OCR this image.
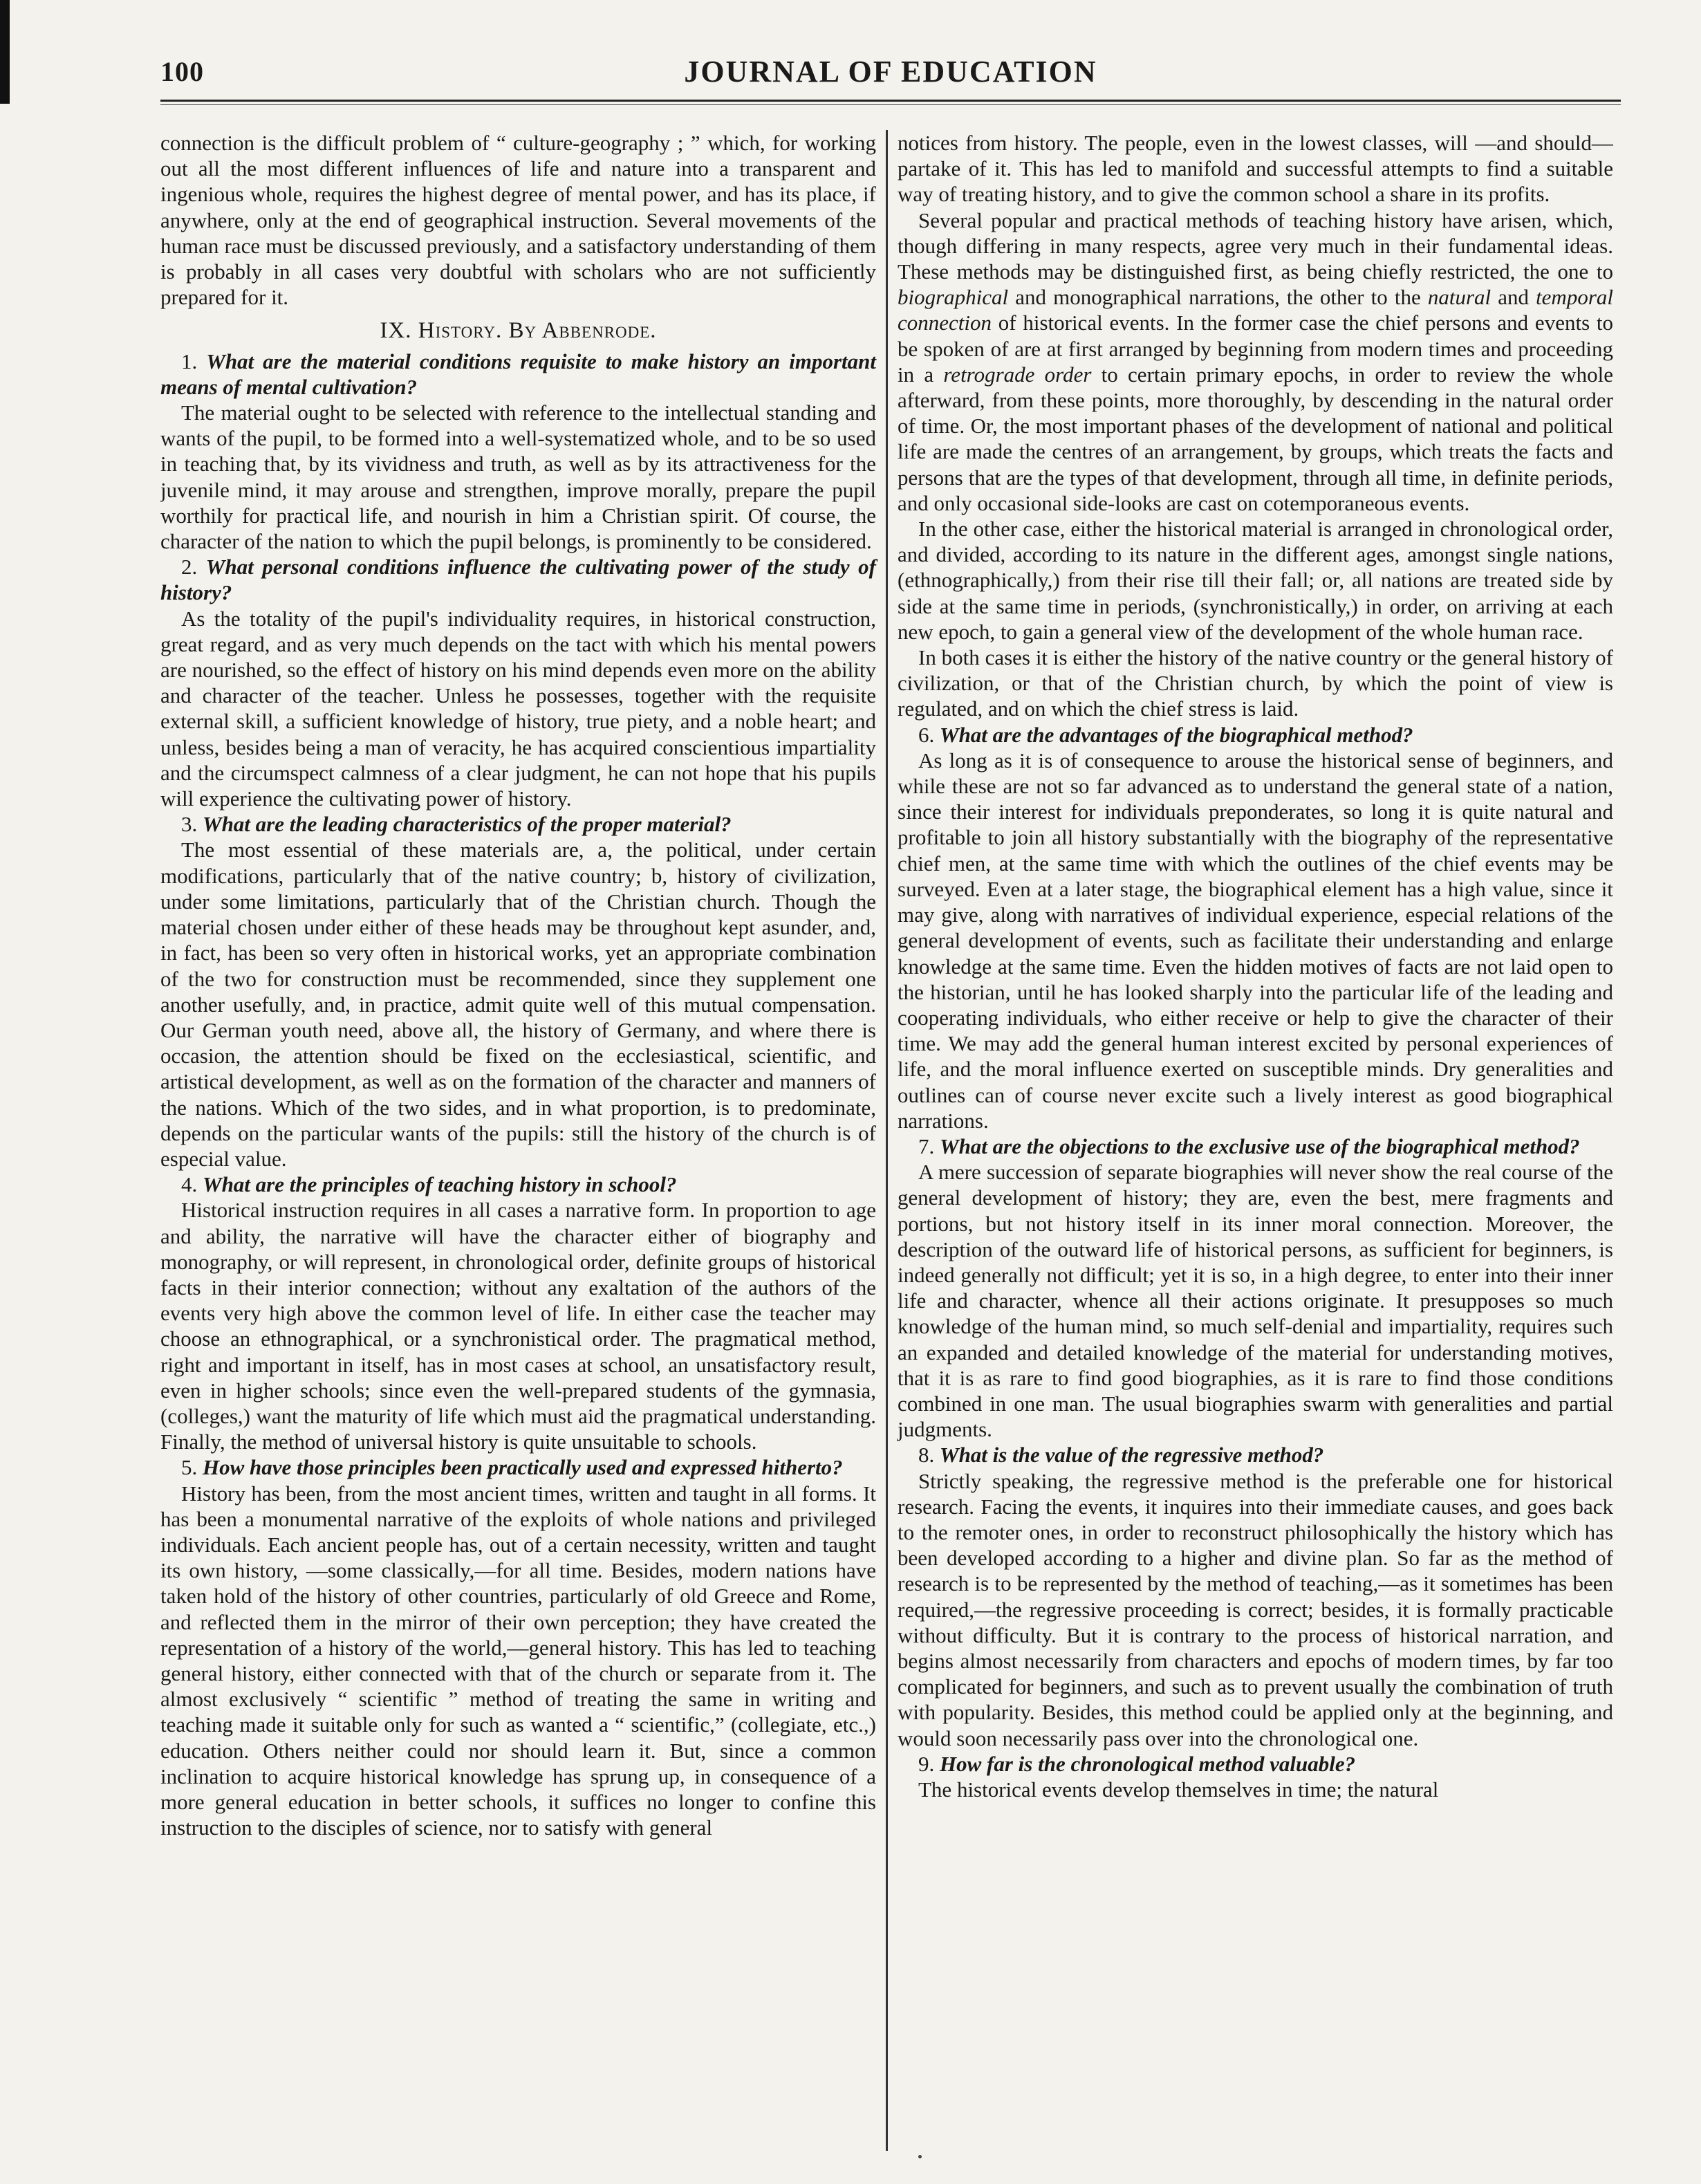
100	JOURNAL OF EDUCATION

connection is the difficult problem of “ culture-geography ; ” which, for working out all the most different influences of life and nature into a transparent and ingenious whole, requires the highest degree of mental power, and has its place, if anywhere, only at the end of geographical instruction. Several movements of the human race must be discussed previously, and a satisfactory understanding of them is probably in all cases very doubtful with scholars who are not sufficiently prepared for it.

IX. History. By Abbenrode.

1. What are the material conditions requisite to make history an important means of mental cultivation?

The material ought to be selected with reference to the intellectual standing and wants of the pupil, to be formed into a well-systematized whole, and to be so used in teaching that, by its vividness and truth, as well as by its attractiveness for the juvenile mind, it may arouse and strengthen, improve morally, prepare the pupil worthily for practical life, and nourish in him a Christian spirit. Of course, the character of the nation to which the pupil belongs, is prominently to be considered.

2. What personal conditions influence the cultivating power of the study of history?

As the totality of the pupil's individuality requires, in historical construction, great regard, and as very much depends on the tact with which his mental powers are nourished, so the effect of history on his mind depends even more on the ability and character of the teacher. Unless he possesses, together with the requisite external skill, a sufficient knowledge of history, true piety, and a noble heart; and unless, besides being a man of veracity, he has acquired conscientious impartiality and the circumspect calmness of a clear judgment, he can not hope that his pupils will experience the cultivating power of history.

3. What are the leading characteristics of the proper material?

The most essential of these materials are, a, the political, under certain modifications, particularly that of the native country; b, history of civilization, under some limitations, particularly that of the Christian church. Though the material chosen under either of these heads may be throughout kept asunder, and, in fact, has been so very often in historical works, yet an appropriate combination of the two for construction must be recommended, since they supplement one another usefully, and, in practice, admit quite well of this mutual compensation. Our German youth need, above all, the history of Germany, and where there is occasion, the attention should be fixed on the ecclesiastical, scientific, and artistical development, as well as on the formation of the character and manners of the nations. Which of the two sides, and in what proportion, is to predominate, depends on the particular wants of the pupils: still the history of the church is of especial value.

4. What are the principles of teaching history in school?

Historical instruction requires in all cases a narrative form. In proportion to age and ability, the narrative will have the character either of biography and monography, or will represent, in chronological order, definite groups of historical facts in their interior connection; without any exaltation of the authors of the events very high above the common level of life. In either case the teacher may choose an ethnographical, or a synchronistical order. The pragmatical method, right and important in itself, has in most cases at school, an unsatisfactory result, even in higher schools; since even the well-prepared students of the gymnasia, (colleges,) want the maturity of life which must aid the pragmatical understanding. Finally, the method of universal history is quite unsuitable to schools.

5. How have those principles been practically used and expressed hitherto?

History has been, from the most ancient times, written and taught in all forms. It has been a monumental narrative of the exploits of whole nations and privileged individuals. Each ancient people has, out of a certain necessity, written and taught its own history, —some classically,—for all time. Besides, modern nations have taken hold of the history of other countries, particularly of old Greece and Rome, and reflected them in the mirror of their own perception; they have created the representation of a history of the world,—general history. This has led to teaching general history, either connected with that of the church or separate from it. The almost exclusively “ scientific ” method of treating the same in writing and teaching made it suitable only for such as wanted a “ scientific,” (collegiate, etc.,) education. Others neither could nor should learn it. But, since a common inclination to acquire historical knowledge has sprung up, in consequence of a more general education in better schools, it suffices no longer to confine this instruction to the disciples of science, nor to satisfy with general

notices from history. The people, even in the lowest classes, will —and should—partake of it. This has led to manifold and successful attempts to find a suitable way of treating history, and to give the common school a share in its profits.

Several popular and practical methods of teaching history have arisen, which, though differing in many respects, agree very much in their fundamental ideas. These methods may be distinguished first, as being chiefly restricted, the one to biographical and monographical narrations, the other to the natural and temporal connection of historical events. In the former case the chief persons and events to be spoken of are at first arranged by beginning from modern times and proceeding in a retrograde order to certain primary epochs, in order to review the whole afterward, from these points, more thoroughly, by descending in the natural order of time. Or, the most important phases of the development of national and political life are made the centres of an arrangement, by groups, which treats the facts and persons that are the types of that development, through all time, in definite periods, and only occasional side-looks are cast on cotemporaneous events.

In the other case, either the historical material is arranged in chronological order, and divided, according to its nature in the different ages, amongst single nations, (ethnographically,) from their rise till their fall; or, all nations are treated side by side at the same time in periods, (synchronistically,) in order, on arriving at each new epoch, to gain a general view of the development of the whole human race.

In both cases it is either the history of the native country or the general history of civilization, or that of the Christian church, by which the point of view is regulated, and on which the chief stress is laid.

6. What are the advantages of the biographical method?

As long as it is of consequence to arouse the historical sense of beginners, and while these are not so far advanced as to understand the general state of a nation, since their interest for individuals preponderates, so long it is quite natural and profitable to join all history substantially with the biography of the representative chief men, at the same time with which the outlines of the chief events may be surveyed. Even at a later stage, the biographical element has a high value, since it may give, along with narratives of individual experience, especial relations of the general development of events, such as facilitate their understanding and enlarge knowledge at the same time. Even the hidden motives of facts are not laid open to the historian, until he has looked sharply into the particular life of the leading and cooperating individuals, who either receive or help to give the character of their time. We may add the general human interest excited by personal experiences of life, and the moral influence exerted on susceptible minds. Dry generalities and outlines can of course never excite such a lively interest as good biographical narrations.

7. What are the objections to the exclusive use of the biographical method?

A mere succession of separate biographies will never show the real course of the general development of history; they are, even the best, mere fragments and portions, but not history itself in its inner moral connection. Moreover, the description of the outward life of historical persons, as sufficient for beginners, is indeed generally not difficult; yet it is so, in a high degree, to enter into their inner life and character, whence all their actions originate. It presupposes so much knowledge of the human mind, so much self-denial and impartiality, requires such an expanded and detailed knowledge of the material for understanding motives, that it is as rare to find good biographies, as it is rare to find those conditions combined in one man. The usual biographies swarm with generalities and partial judgments.

8. What is the value of the regressive method?

Strictly speaking, the regressive method is the preferable one for historical research. Facing the events, it inquires into their immediate causes, and goes back to the remoter ones, in order to reconstruct philosophically the history which has been developed according to a higher and divine plan. So far as the method of research is to be represented by the method of teaching,—as it sometimes has been required,—the regressive proceeding is correct; besides, it is formally practicable without difficulty. But it is contrary to the process of historical narration, and begins almost necessarily from characters and epochs of modern times, by far too complicated for beginners, and such as to prevent usually the combination of truth with popularity. Besides, this method could be applied only at the beginning, and would soon necessarily pass over into the chronological one.

9. How far is the chronological method valuable?

The historical events develop themselves in time; the natural
